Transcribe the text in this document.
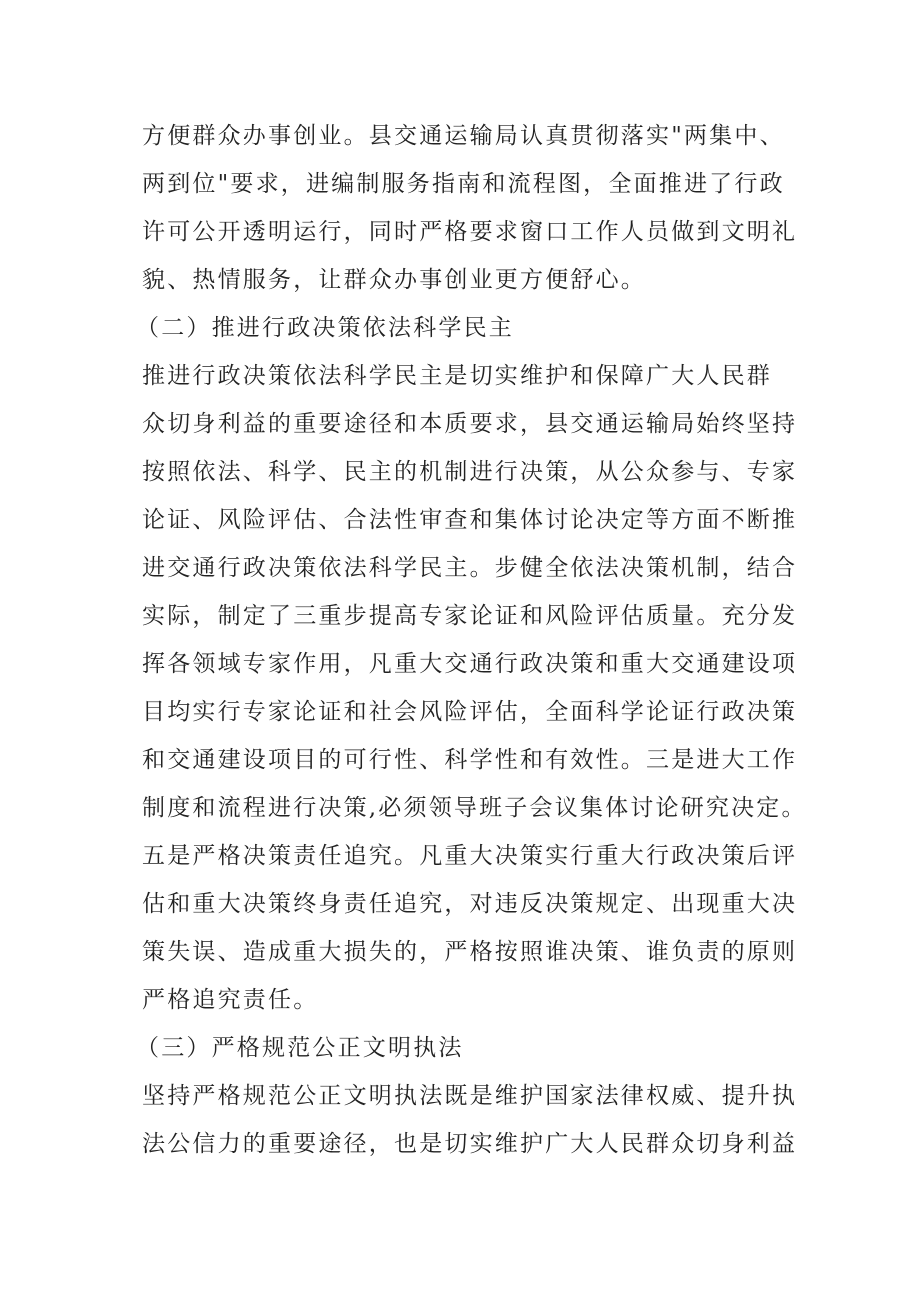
方便群众办事创业。县交通运输局认真贯彻落实"两集中、
两到位"要求，进编制服务指南和流程图，全面推进了行政
许可公开透明运行，同时严格要求窗口工作人员做到文明礼
貌、热情服务，让群众办事创业更方便舒心。
（二）推进行政决策依法科学民主
推进行政决策依法科学民主是切实维护和保障广大人民群
众切身利益的重要途径和本质要求，县交通运输局始终坚持
按照依法、科学、民主的机制进行决策，从公众参与、专家
论证、风险评估、合法性审查和集体讨论决定等方面不断推
进交通行政决策依法科学民主。步健全依法决策机制，结合
实际，制定了三重步提高专家论证和风险评估质量。充分发
挥各领域专家作用，凡重大交通行政决策和重大交通建设项
目均实行专家论证和社会风险评估，全面科学论证行政决策
和交通建设项目的可行性、科学性和有效性。三是进大工作
制度和流程进行决策,必须领导班子会议集体讨论研究决定。
五是严格决策责任追究。凡重大决策实行重大行政决策后评
估和重大决策终身责任追究，对违反决策规定、出现重大决
策失误、造成重大损失的，严格按照谁决策、谁负责的原则
严格追究责任。
（三）严格规范公正文明执法
坚持严格规范公正文明执法既是维护国家法律权威、提升执
法公信力的重要途径，也是切实维护广大人民群众切身利益
